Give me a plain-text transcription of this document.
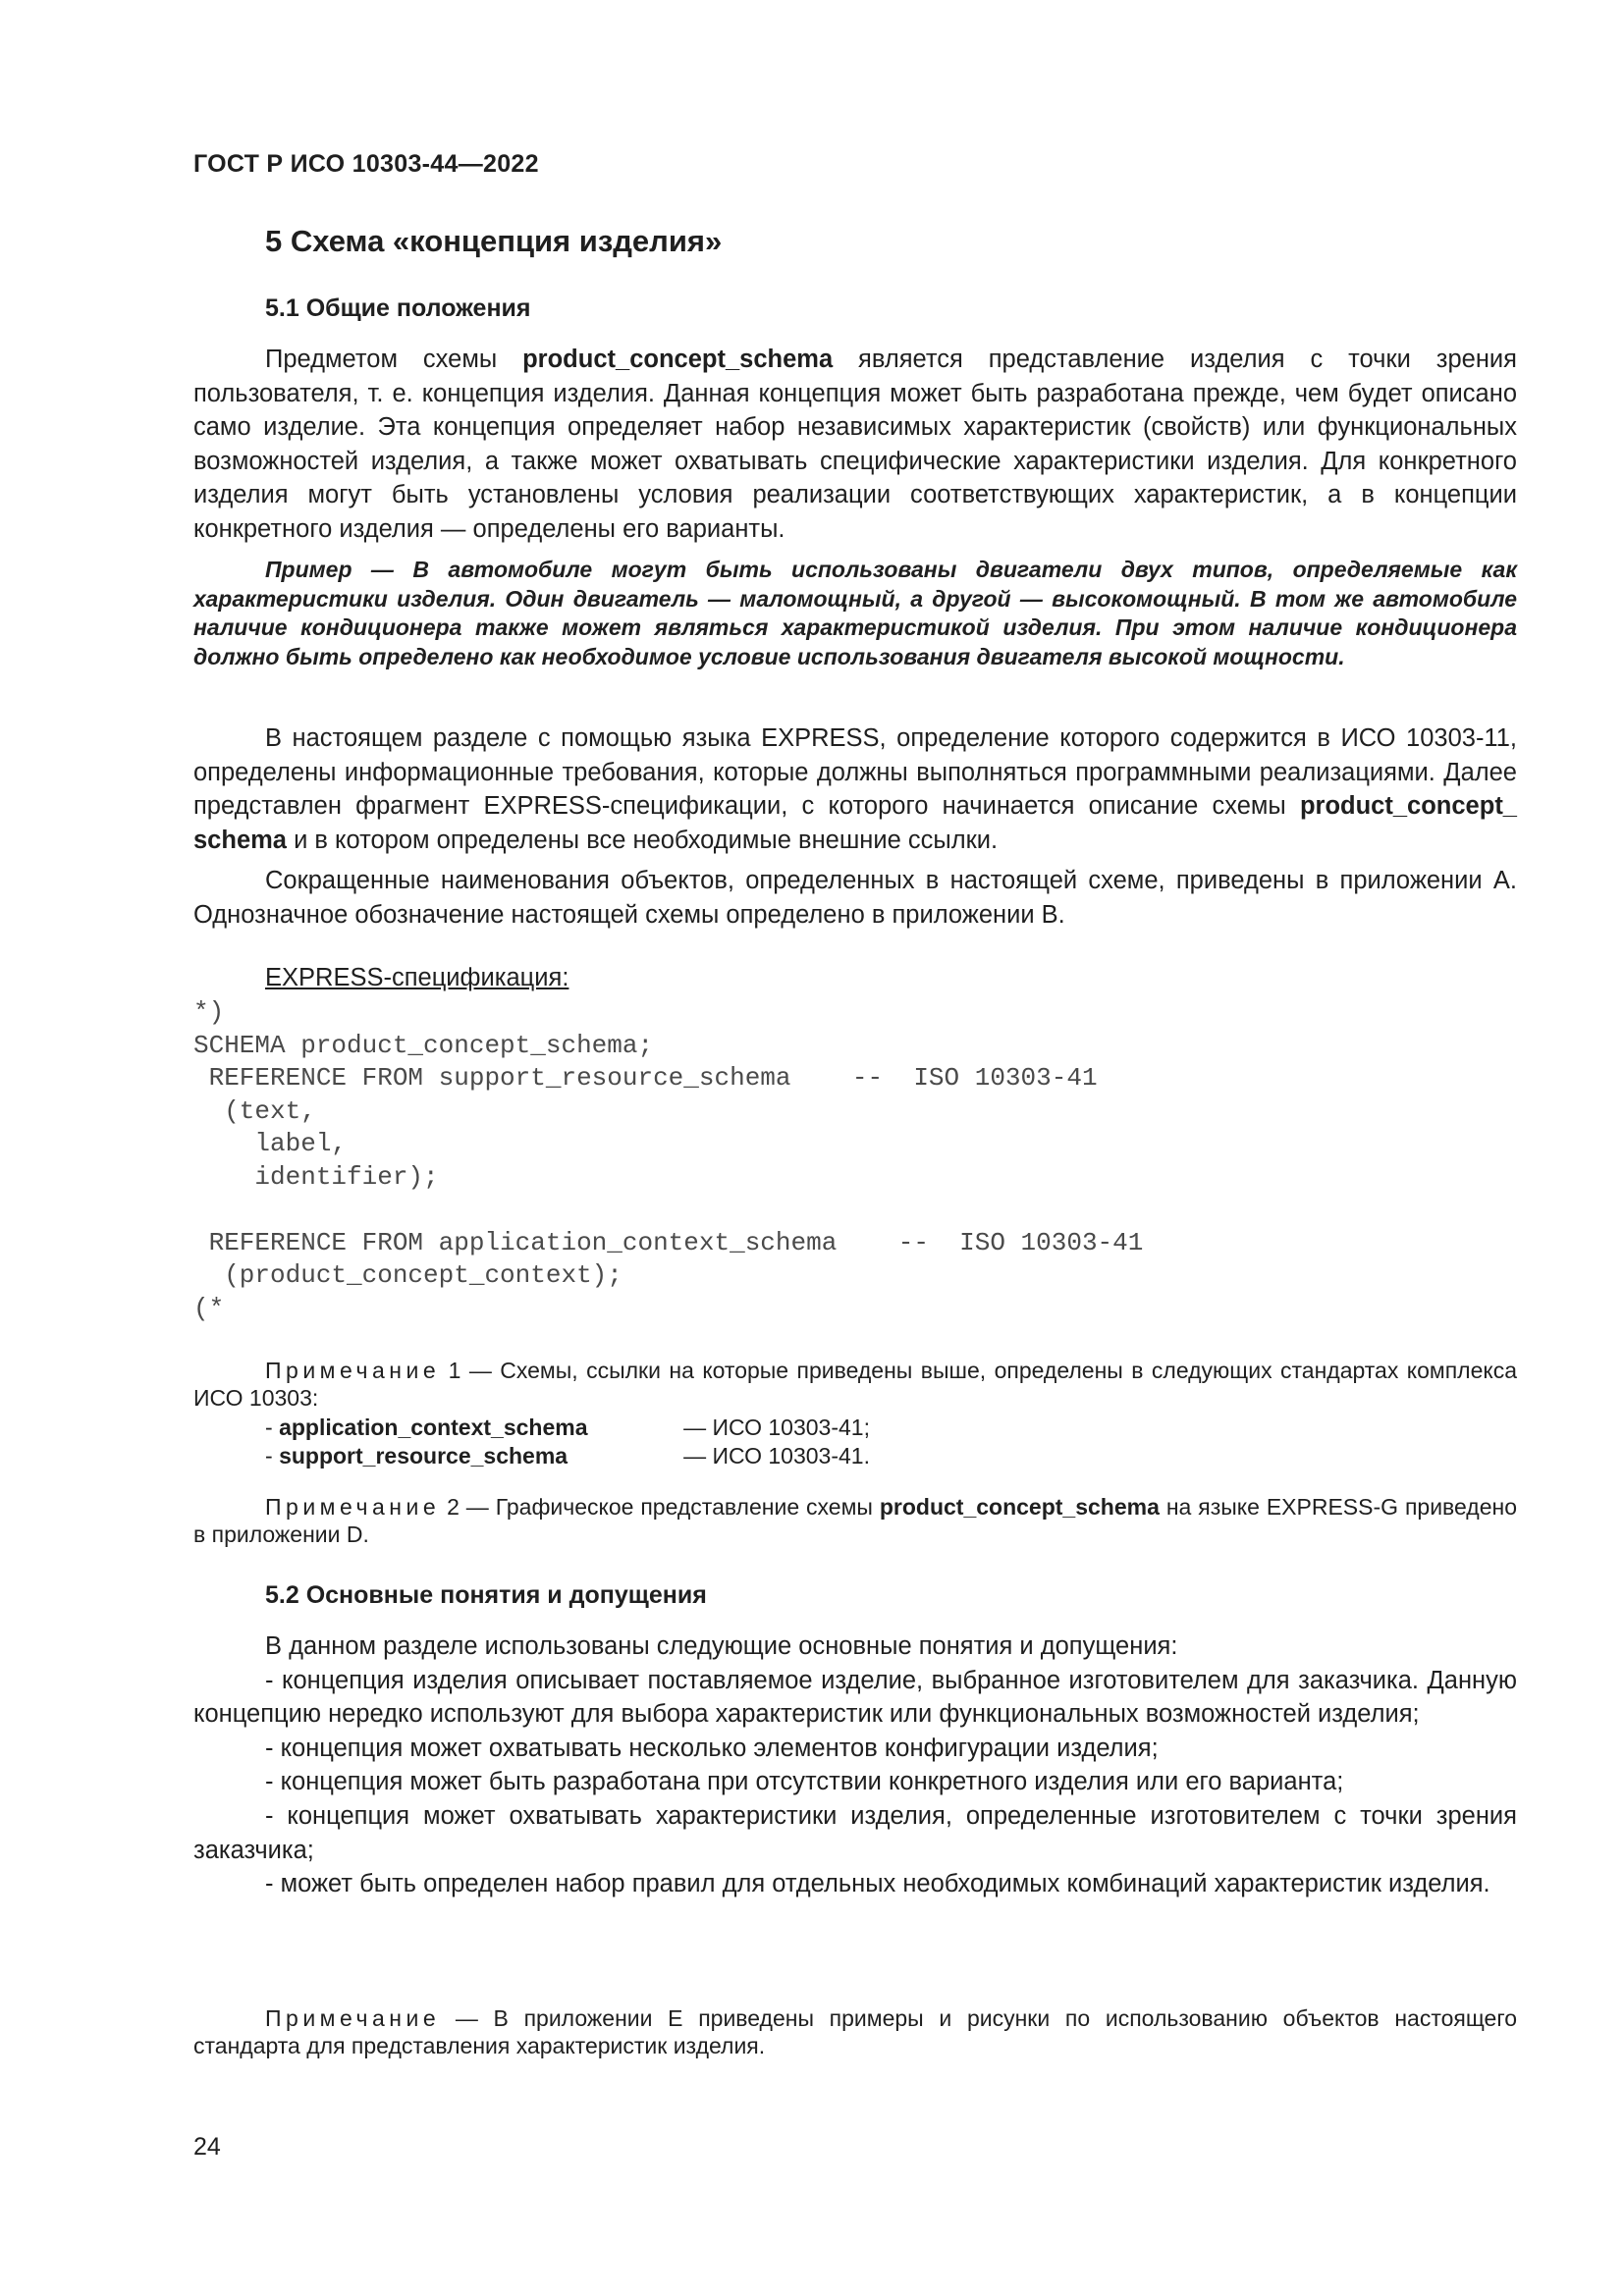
ГОСТ Р ИСО 10303-44—2022
5 Схема «концепция изделия»
5.1 Общие положения

Предметом схемы product_concept_schema является представление изделия с точки зрения пользователя, т. е. концепция изделия. Данная концепция может быть разработана прежде, чем будет описано само изделие. Эта концепция определяет набор независимых характеристик (свойств) или функциональных возможностей изделия, а также может охватывать специфические характеристики изделия. Для конкретного изделия могут быть установлены условия реализации соответствующих характеристик, а в концепции конкретного изделия — определены его варианты.

Пример — В автомобиле могут быть использованы двигатели двух типов, определяемые как характеристики изделия. Один двигатель — маломощный, а другой — высокомощный. В том же автомобиле наличие кондиционера также может являться характеристикой изделия. При этом наличие кондиционера должно быть определено как необходимое условие использования двигателя высокой мощности.

В настоящем разделе с помощью языка EXPRESS, определение которого содержится в ИСО 10303-11, определены информационные требования, которые должны выполняться программными реализациями. Далее представлен фрагмент EXPRESS-спецификации, с которого начинается описание схемы product_concept_ schema и в котором определены все необходимые внешние ссылки.

Сокращенные наименования объектов, определенных в настоящей схеме, приведены в приложении A. Однозначное обозначение настоящей схемы определено в приложении B.

EXPRESS-спецификация:
*)
SCHEMA product_concept_schema;
REFERENCE FROM support_resource_schema    --  ISO 10303-41
(text,
label,
identifier);

REFERENCE FROM application_context_schema    --  ISO 10303-41
(product_concept_context);
(*

Примечание 1 — Схемы, ссылки на которые приведены выше, определены в следующих стандартах комплекса ИСО 10303:

- application_context_schema	— ИСО 10303-41;
- support_resource_schema	— ИСО 10303-41.

Примечание 2 — Графическое представление схемы product_concept_schema на языке EXPRESS-G приведено в приложении D.

5.2 Основные понятия и допущения

В данном разделе использованы следующие основные понятия и допущения:

- концепция изделия описывает поставляемое изделие, выбранное изготовителем для заказчика. Данную концепцию нередко используют для выбора характеристик или функциональных возможностей изделия;

- концепция может охватывать несколько элементов конфигурации изделия;

- концепция может быть разработана при отсутствии конкретного изделия или его варианта;

- концепция может охватывать характеристики изделия, определенные изготовителем с точки зрения заказчика;

- может быть определен набор правил для отдельных необходимых комбинаций характеристик изделия.

Примечание — В приложении E приведены примеры и рисунки по использованию объектов настоящего стандарта для представления характеристик изделия.

24
